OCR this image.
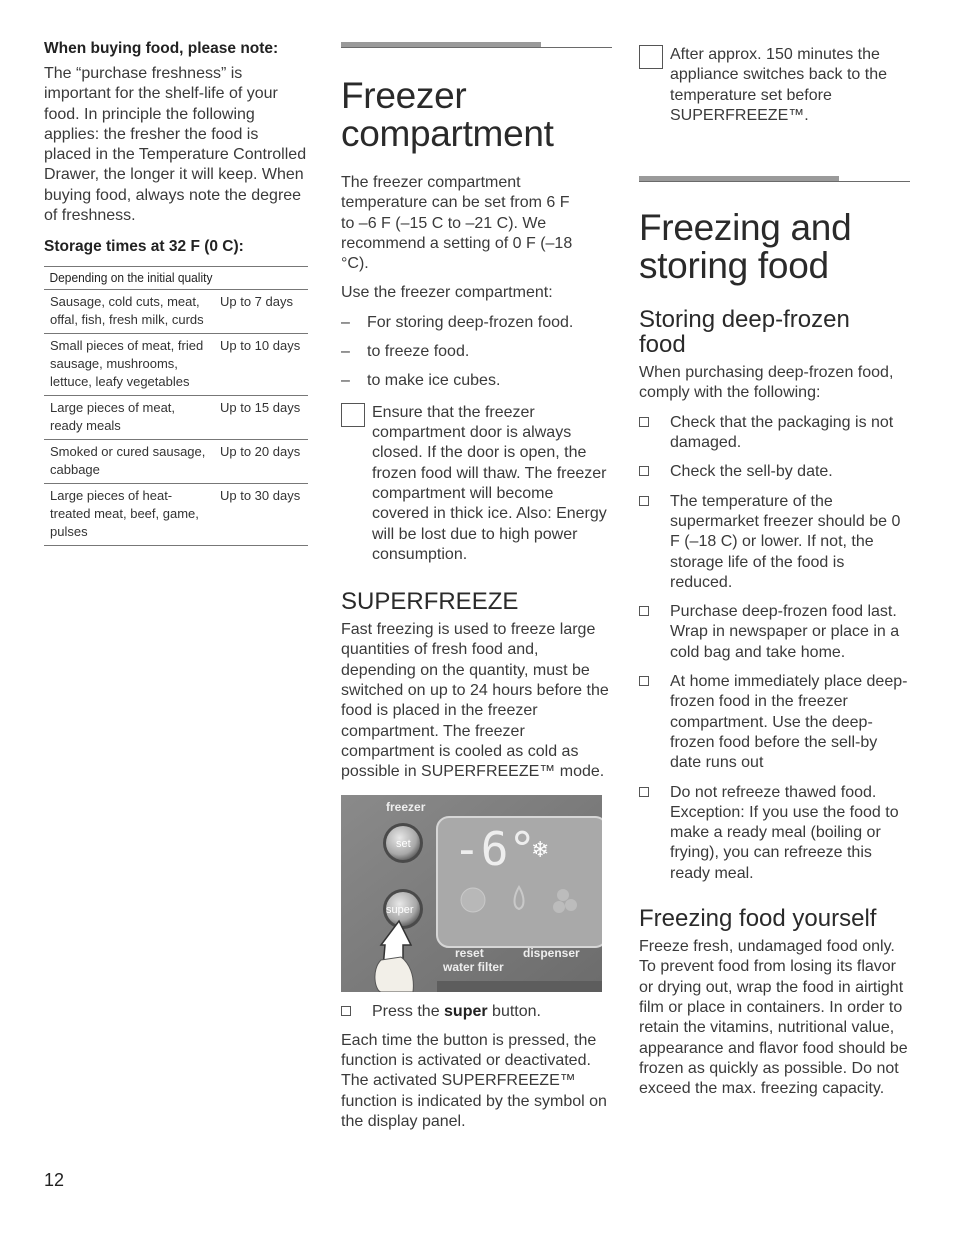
When buying food, please note:

The “purchase freshness” is important for the shelf-life of your food. In principle the following applies: the fresher the food is placed in the Temperature Controlled Drawer, the longer it will keep. When buying food, always note the degree of freshness.

Storage times at 32 F (0 C):

Depending on the initial quality	
Sausage, cold cuts, meat, offal, fish, fresh milk, curds	Up to 7 days
Small pieces of meat, fried sausage, mushrooms, lettuce, leafy vegetables	Up to 10 days
Large pieces of meat, ready meals	Up to 15 days
Smoked or cured sausage, cabbage	Up to 20 days
Large pieces of heat-treated meat, beef, game, pulses	Up to 30 days
Freezer compartment

The freezer compartment temperature can be set from 6 F to –6 F (–15 C to –21 C). We recommend a setting of 0 F (–18 °C).

Use the freezer compartment:

– For storing deep-frozen food.
– to freeze food.
– to make ice cubes.
Ensure that the freezer compartment door is always closed. If the door is open, the frozen food will thaw. The freezer compartment will become covered in thick ice. Also: Energy will be lost due to high power consumption.
SUPERFREEZE

Fast freezing is used to freeze large quantities of fresh food and, depending on the quantity, must be switched on up to 24 hours before the food is placed in the freezer compartment. The freezer compartment is cooled as cold as possible in SUPERFREEZE™ mode.

freezer
set -6°
❄
super
reset
water filter
dispenser
Press the super button.

Each time the button is pressed, the function is activated or deactivated. The activated SUPERFREEZE™ function is indicated by the symbol on the display panel.

After approx. 150 minutes the appliance switches back to the temperature set before SUPERFREEZE™.
Freezing and storing food
Storing deep-frozen food

When purchasing deep-frozen food, comply with the following:

Check that the packaging is not damaged.
Check the sell-by date.
The temperature of the supermarket freezer should be 0 F (–18 C) or lower. If not, the storage life of the food is reduced.
Purchase deep-frozen food last. Wrap in newspaper or place in a cold bag and take home.
At home immediately place deep-frozen food in the freezer compartment. Use the deep-frozen food before the sell-by date runs out
Do not refreeze thawed food. Exception: If you use the food to make a ready meal (boiling or frying), you can refreeze this ready meal.
Freezing food yourself

Freeze fresh, undamaged food only. To prevent food from losing its flavor or drying out, wrap the food in airtight film or place in containers. In order to retain the vitamins, nutritional value, appearance and flavor food should be frozen as quickly as possible. Do not exceed the max. freezing capacity.

12
